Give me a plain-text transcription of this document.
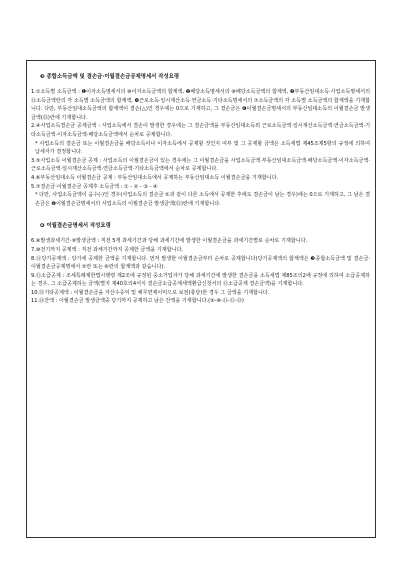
❸ 종합소득금액 및 결손금·이월결손금공제명세서 작성요령
1.①소득별 소득금액 : ❶이자소득명세서의 ⑩이자소득금액의 합계액, ❷배당소득명세서의 ⑩배당소득금액의 합계액, ❸부동산임대소득·사업소득명세서의 ⑬소득금액란의 각 소득별 소득금액의 합계액, ❹근로소득·일시재산소득·연금소득·기타소득명세서의 ⑦소득금액의 각 소득별 소득금액의 합계액을 기재합니다. 다만, 부동산임대소득금액의 합계액이 결손(△)인 경우에는 0으로 기재하고, 그 결손금은 ❻이월결손금명세서의 부동산임대소득의 이월결손금 발생금액(⑮)란에 기재합니다.
2.④사업소득결손금 공제금액 : 사업소득에서 결손이 발생한 경우에는 그 결손금액을 부동산임대소득외 근로소득금액·일시재산소득금액·연금소득금액·기타소득금액·이자소득금액·배당소득금액에서 순차로 공제합니다.
* 사업소득의 결손금 또는 이월결손금을 배당소득이나 이자소득에서 공제할 것인지 여부 및 그 공제할 금액은 소득세법 제45조제5항의 규정에 의하여 납세자가 결정합니다.
3.⑤사업소득 이월결손금 공제 : 사업소득의 이월결손금이 있는 경우에는 그 이월결손금을 사업소득금액·부동산임대소득금액·배당소득금액·이자소득금액·근로소득금액·일시재산소득금액·연금소득금액·기타소득금액에서 순차로 공제합니다.
4.⑥부동산임대소득 이월결손금 공제 : 부동산임대소득에서 공제하는 부동산임대소득 이월결손금을 기재합니다.
5.⑦결손금·이월결손금 공제후 소득금액 : ① - ② - ③ - ④
* 다만, 사업소득금액이 음수(-)인 경우(사업소득의 결손금 ⑤과 같이 다른 소득에서 공제한 후에도 결손금이 남는 경우)에는 0으로 기재하고, 그 남은 결손금은 ❻이월결손금명세서의 사업소득의 이월결손금 발생금액(⑮)란에 기재합니다.
❻ 이월결손금명세서 작성요령
6.⑧발생과세기간·⑨발생금액 : 직전 5개 과세기간과 당해 과세기간에 발생한 이월결손금을 과세기간별로 순차로 기재합니다.
7.⑩전기까지 공제액 : 직전 과세기간까지 공제한 금액을 기재합니다.
8.⑪당기공제액 : 당기에 공제한 금액을 기재합니다. 먼저 발생한 이월결손금부터 순차로 공제합니다(당기공제액의 합계액은 ❸종합소득금액 및 결손금·이월결손금공제명세서 ⑤란 또는 ⑥란의 합계액과 같습니다).
9.⑫소급공제 : 조세특례제한법시행령 제2조에 규정된 중소기업자가 당해 과세기간에 발생한 결손금을 소득세법 제85조의2에 규정에 의하여 소급공제하는 경우, 그 소급공제하는 금액(별지 제40호의4서식 결손금소급공제세액환급신청서의 ⑫소급공제 결손금액)을 기재합니다.
10.⑬기타공제액 : 이월결손금을 자산수증익 및 채무면제이익으로 보전(충당)한 경우 그 금액을 기재합니다.
11.⑭잔액 : 이월결손금 발생금액중 당기까지 공제하고 남은 잔액을 기재합니다.(⑨-⑩-⑪-⑫-⑬)
